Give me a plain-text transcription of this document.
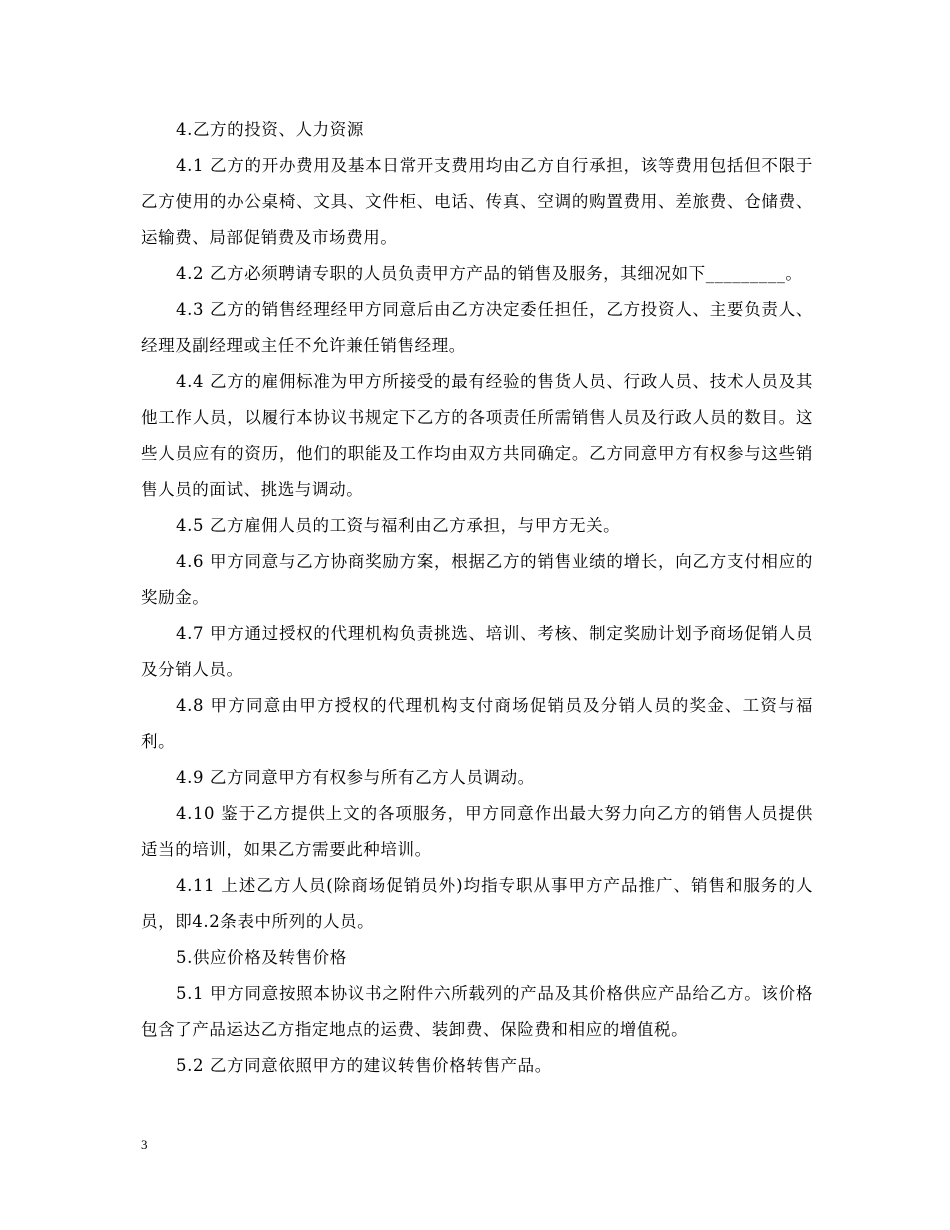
4.乙方的投资、人力资源

4.1 乙方的开办费用及基本日常开支费用均由乙方自行承担，该等费用包括但不限于乙方使用的办公桌椅、文具、文件柜、电话、传真、空调的购置费用、差旅费、仓储费、运输费、局部促销费及市场费用。

4.2 乙方必须聘请专职的人员负责甲方产品的销售及服务，其细况如下_________。

4.3 乙方的销售经理经甲方同意后由乙方决定委任担任，乙方投资人、主要负责人、经理及副经理或主任不允许兼任销售经理。

4.4 乙方的雇佣标准为甲方所接受的最有经验的售货人员、行政人员、技术人员及其他工作人员，以履行本协议书规定下乙方的各项责任所需销售人员及行政人员的数目。这些人员应有的资历，他们的职能及工作均由双方共同确定。乙方同意甲方有权参与这些销售人员的面试、挑选与调动。

4.5 乙方雇佣人员的工资与福利由乙方承担，与甲方无关。

4.6 甲方同意与乙方协商奖励方案，根据乙方的销售业绩的增长，向乙方支付相应的奖励金。

4.7 甲方通过授权的代理机构负责挑选、培训、考核、制定奖励计划予商场促销人员及分销人员。

4.8 甲方同意由甲方授权的代理机构支付商场促销员及分销人员的奖金、工资与福利。

4.9 乙方同意甲方有权参与所有乙方人员调动。

4.10 鉴于乙方提供上文的各项服务，甲方同意作出最大努力向乙方的销售人员提供适当的培训，如果乙方需要此种培训。

4.11 上述乙方人员(除商场促销员外)均指专职从事甲方产品推广、销售和服务的人员，即4.2条表中所列的人员。

5.供应价格及转售价格

5.1 甲方同意按照本协议书之附件六所载列的产品及其价格供应产品给乙方。该价格包含了产品运达乙方指定地点的运费、装卸费、保险费和相应的增值税。

5.2 乙方同意依照甲方的建议转售价格转售产品。

3
